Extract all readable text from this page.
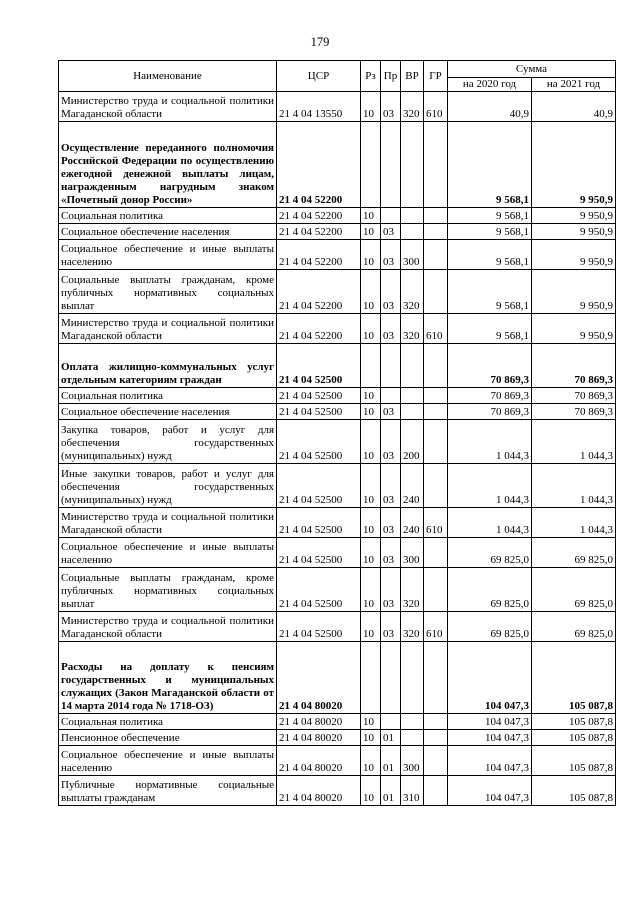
179
Наименование	ЦСР	Рз	Пр	ВР	ГР	Сумма	
						на 2020 год	на 2021 год
Министерство труда и социальной политики Магаданской области	21 4 04 13550	10	03	320	610	40,9	40,9
Осуществление переданного полномочия Российской Федерации по осуществлению ежегодной денежной выплаты лицам, награжденным нагрудным знаком «Почетный донор России»	21 4 04 52200					9 568,1	9 950,9
Социальная политика	21 4 04 52200	10				9 568,1	9 950,9
Социальное обеспечение населения	21 4 04 52200	10	03			9 568,1	9 950,9
Социальное обеспечение и иные выплаты населению	21 4 04 52200	10	03	300		9 568,1	9 950,9
Социальные выплаты гражданам, кроме публичных нормативных социальных выплат	21 4 04 52200	10	03	320		9 568,1	9 950,9
Министерство труда и социальной политики Магаданской области	21 4 04 52200	10	03	320	610	9 568,1	9 950,9
Оплата жилищно-коммунальных услуг отдельным категориям граждан	21 4 04 52500					70 869,3	70 869,3
Социальная политика	21 4 04 52500	10				70 869,3	70 869,3
Социальное обеспечение населения	21 4 04 52500	10	03			70 869,3	70 869,3
Закупка товаров, работ и услуг для обеспечения государственных (муниципальных) нужд	21 4 04 52500	10	03	200		1 044,3	1 044,3
Иные закупки товаров, работ и услуг для обеспечения государственных (муниципальных) нужд	21 4 04 52500	10	03	240		1 044,3	1 044,3
Министерство труда и социальной политики Магаданской области	21 4 04 52500	10	03	240	610	1 044,3	1 044,3
Социальное обеспечение и иные выплаты населению	21 4 04 52500	10	03	300		69 825,0	69 825,0
Социальные выплаты гражданам, кроме публичных нормативных социальных выплат	21 4 04 52500	10	03	320		69 825,0	69 825,0
Министерство труда и социальной политики Магаданской области	21 4 04 52500	10	03	320	610	69 825,0	69 825,0
Расходы на доплату к пенсиям государственных и муниципальных служащих (Закон Магаданской области от 14 марта 2014 года № 1718-ОЗ)	21 4 04 80020					104 047,3	105 087,8
Социальная политика	21 4 04 80020	10				104 047,3	105 087,8
Пенсионное обеспечение	21 4 04 80020	10	01			104 047,3	105 087,8
Социальное обеспечение и иные выплаты населению	21 4 04 80020	10	01	300		104 047,3	105 087,8
Публичные нормативные социальные выплаты гражданам	21 4 04 80020	10	01	310		104 047,3	105 087,8
